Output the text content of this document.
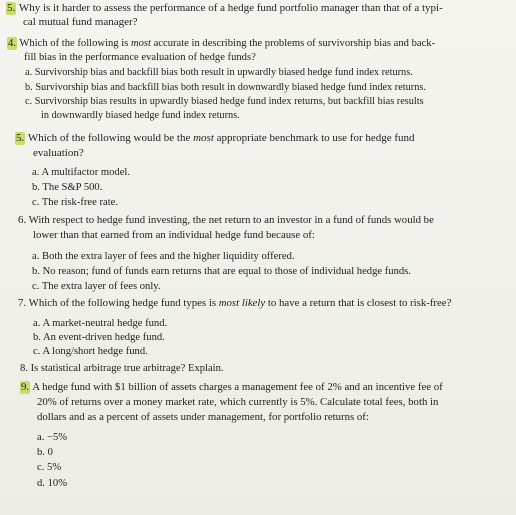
5. Why is it harder to assess the performance of a hedge fund portfolio manager than that of a typi-
cal mutual fund manager?
4. Which of the following is most accurate in describing the problems of survivorship bias and back-
fill bias in the performance evaluation of hedge funds?
a. Survivorship bias and backfill bias both result in upwardly biased hedge fund index returns.
b. Survivorship bias and backfill bias both result in downwardly biased hedge fund index returns.
c. Survivorship bias results in upwardly biased hedge fund index returns, but backfill bias results
in downwardly biased hedge fund index returns.
5. Which of the following would be the most appropriate benchmark to use for hedge fund
evaluation?
a. A multifactor model.
b. The S&P 500.
c. The risk-free rate.
6. With respect to hedge fund investing, the net return to an investor in a fund of funds would be
lower than that earned from an individual hedge fund because of:
a. Both the extra layer of fees and the higher liquidity offered.
b. No reason; fund of funds earn returns that are equal to those of individual hedge funds.
c. The extra layer of fees only.
7. Which of the following hedge fund types is most likely to have a return that is closest to risk-free?
a. A market-neutral hedge fund.
b. An event-driven hedge fund.
c. A long/short hedge fund.
8. Is statistical arbitrage true arbitrage? Explain.
9. A hedge fund with $1 billion of assets charges a management fee of 2% and an incentive fee of
20% of returns over a money market rate, which currently is 5%. Calculate total fees, both in
dollars and as a percent of assets under management, for portfolio returns of:
a. −5%
b. 0
c. 5%
d. 10%
